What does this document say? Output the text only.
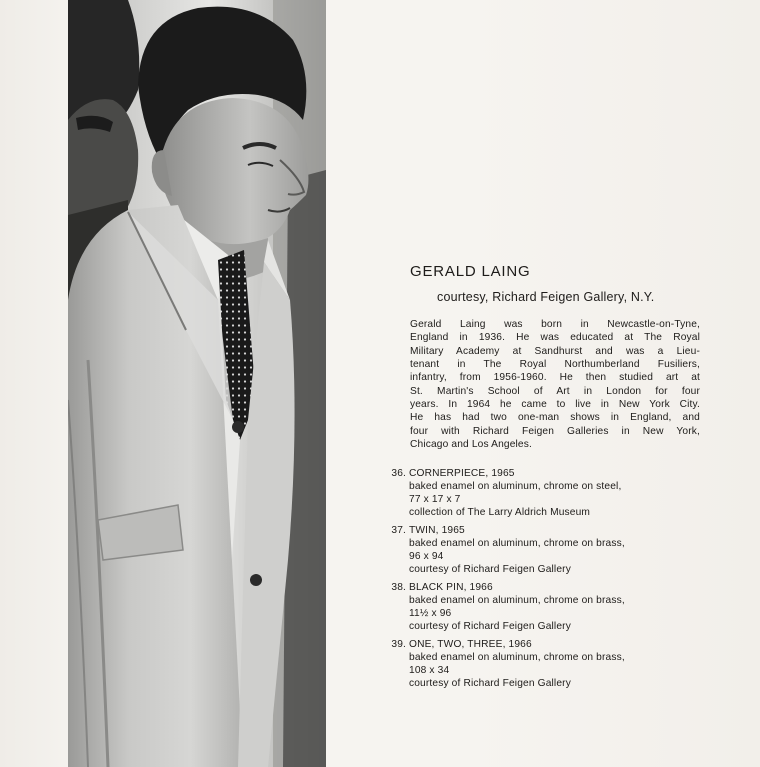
GERALD LAING
courtesy, Richard Feigen Gallery, N.Y.
Gerald Laing was born in Newcastle-on-Tyne,
England in 1936. He was educated at The Royal
Military Academy at Sandhurst and was a Lieu-
tenant in The Royal Northumberland Fusiliers,
infantry, from 1956-1960. He then studied art at
St. Martin's School of Art in London for four
years. In 1964 he came to live in New York City.
He has had two one-man shows in England, and
four with Richard Feigen Galleries in New York,
Chicago and Los Angeles.
36. CORNERPIECE, 1965
baked enamel on aluminum, chrome on steel,
77 x 17 x 7
collection of The Larry Aldrich Museum
37. TWIN, 1965
baked enamel on aluminum, chrome on brass,
96 x 94
courtesy of Richard Feigen Gallery
38. BLACK PIN, 1966
baked enamel on aluminum, chrome on brass,
11½ x 96
courtesy of Richard Feigen Gallery
39. ONE, TWO, THREE, 1966
baked enamel on aluminum, chrome on brass,
108 x 34
courtesy of Richard Feigen Gallery
